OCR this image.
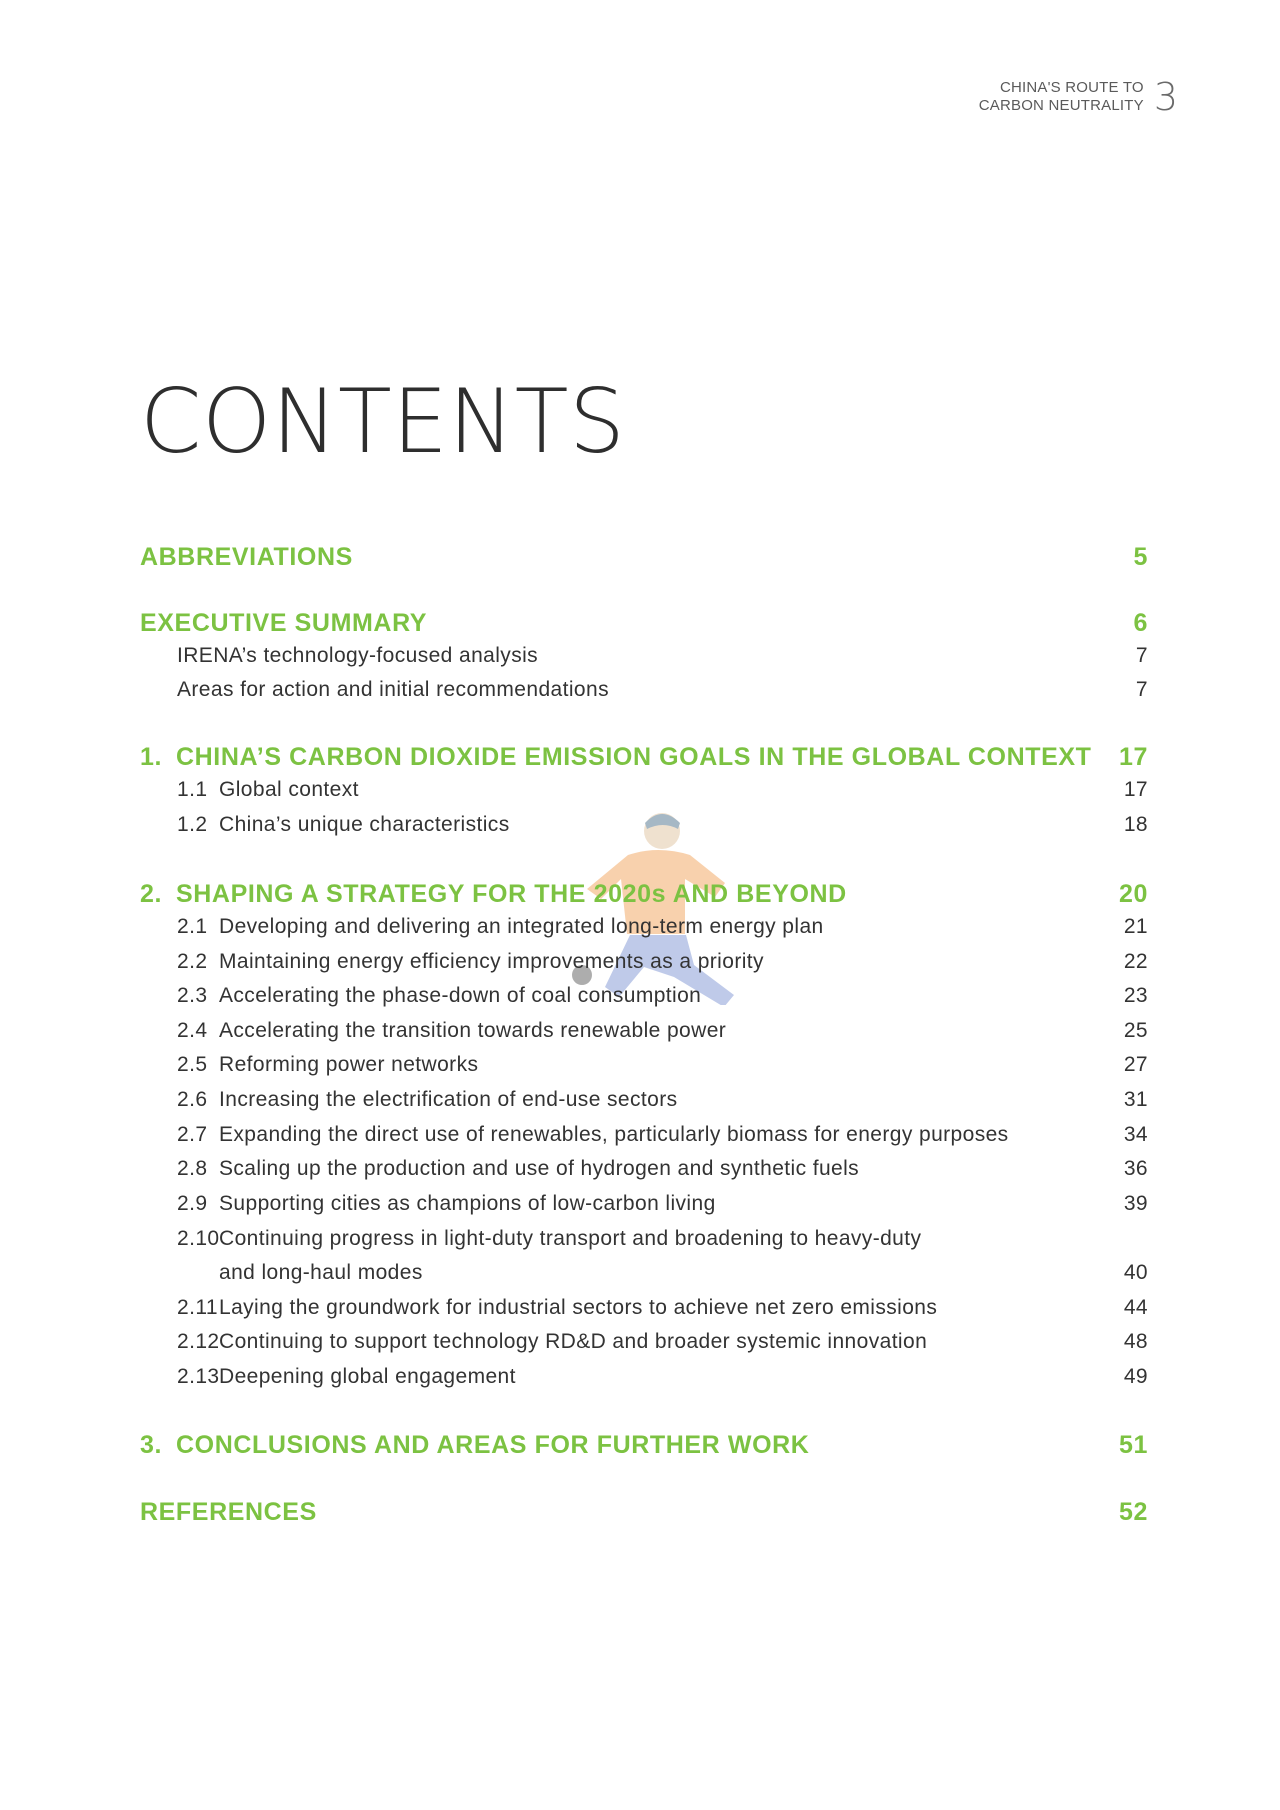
CHINA'S ROUTE TO
CARBON NEUTRALITY 3
CONTENTS
ABBREVIATIONS	5
EXECUTIVE SUMMARY	6
IRENA’s technology-focused analysis	7
Areas for action and initial recommendations	7
1. CHINA’S CARBON DIOXIDE EMISSION GOALS IN THE GLOBAL CONTEXT 17
1.1 Global context	17
1.2 China’s unique characteristics	18
2. SHAPING A STRATEGY FOR THE 2020s AND BEYOND	20
2.1 Developing and delivering an integrated long-term energy plan	21
2.2 Maintaining energy efficiency improvements as a priority	22
2.3 Accelerating the phase-down of coal consumption	23
2.4 Accelerating the transition towards renewable power	25
2.5 Reforming power networks	27
2.6 Increasing the electrification of end-use sectors	31
2.7 Expanding the direct use of renewables, particularly biomass for energy purposes	34
2.8 Scaling up the production and use of hydrogen and synthetic fuels	36
2.9 Supporting cities as champions of low-carbon living	39
2.10 Continuing progress in light-duty transport and broadening to heavy-duty
and long-haul modes	40
2.11 Laying the groundwork for industrial sectors to achieve net zero emissions	44
2.12 Continuing to support technology RD&D and broader systemic innovation	48
2.13 Deepening global engagement	49
3. CONCLUSIONS AND AREAS FOR FURTHER WORK	51
REFERENCES	52
